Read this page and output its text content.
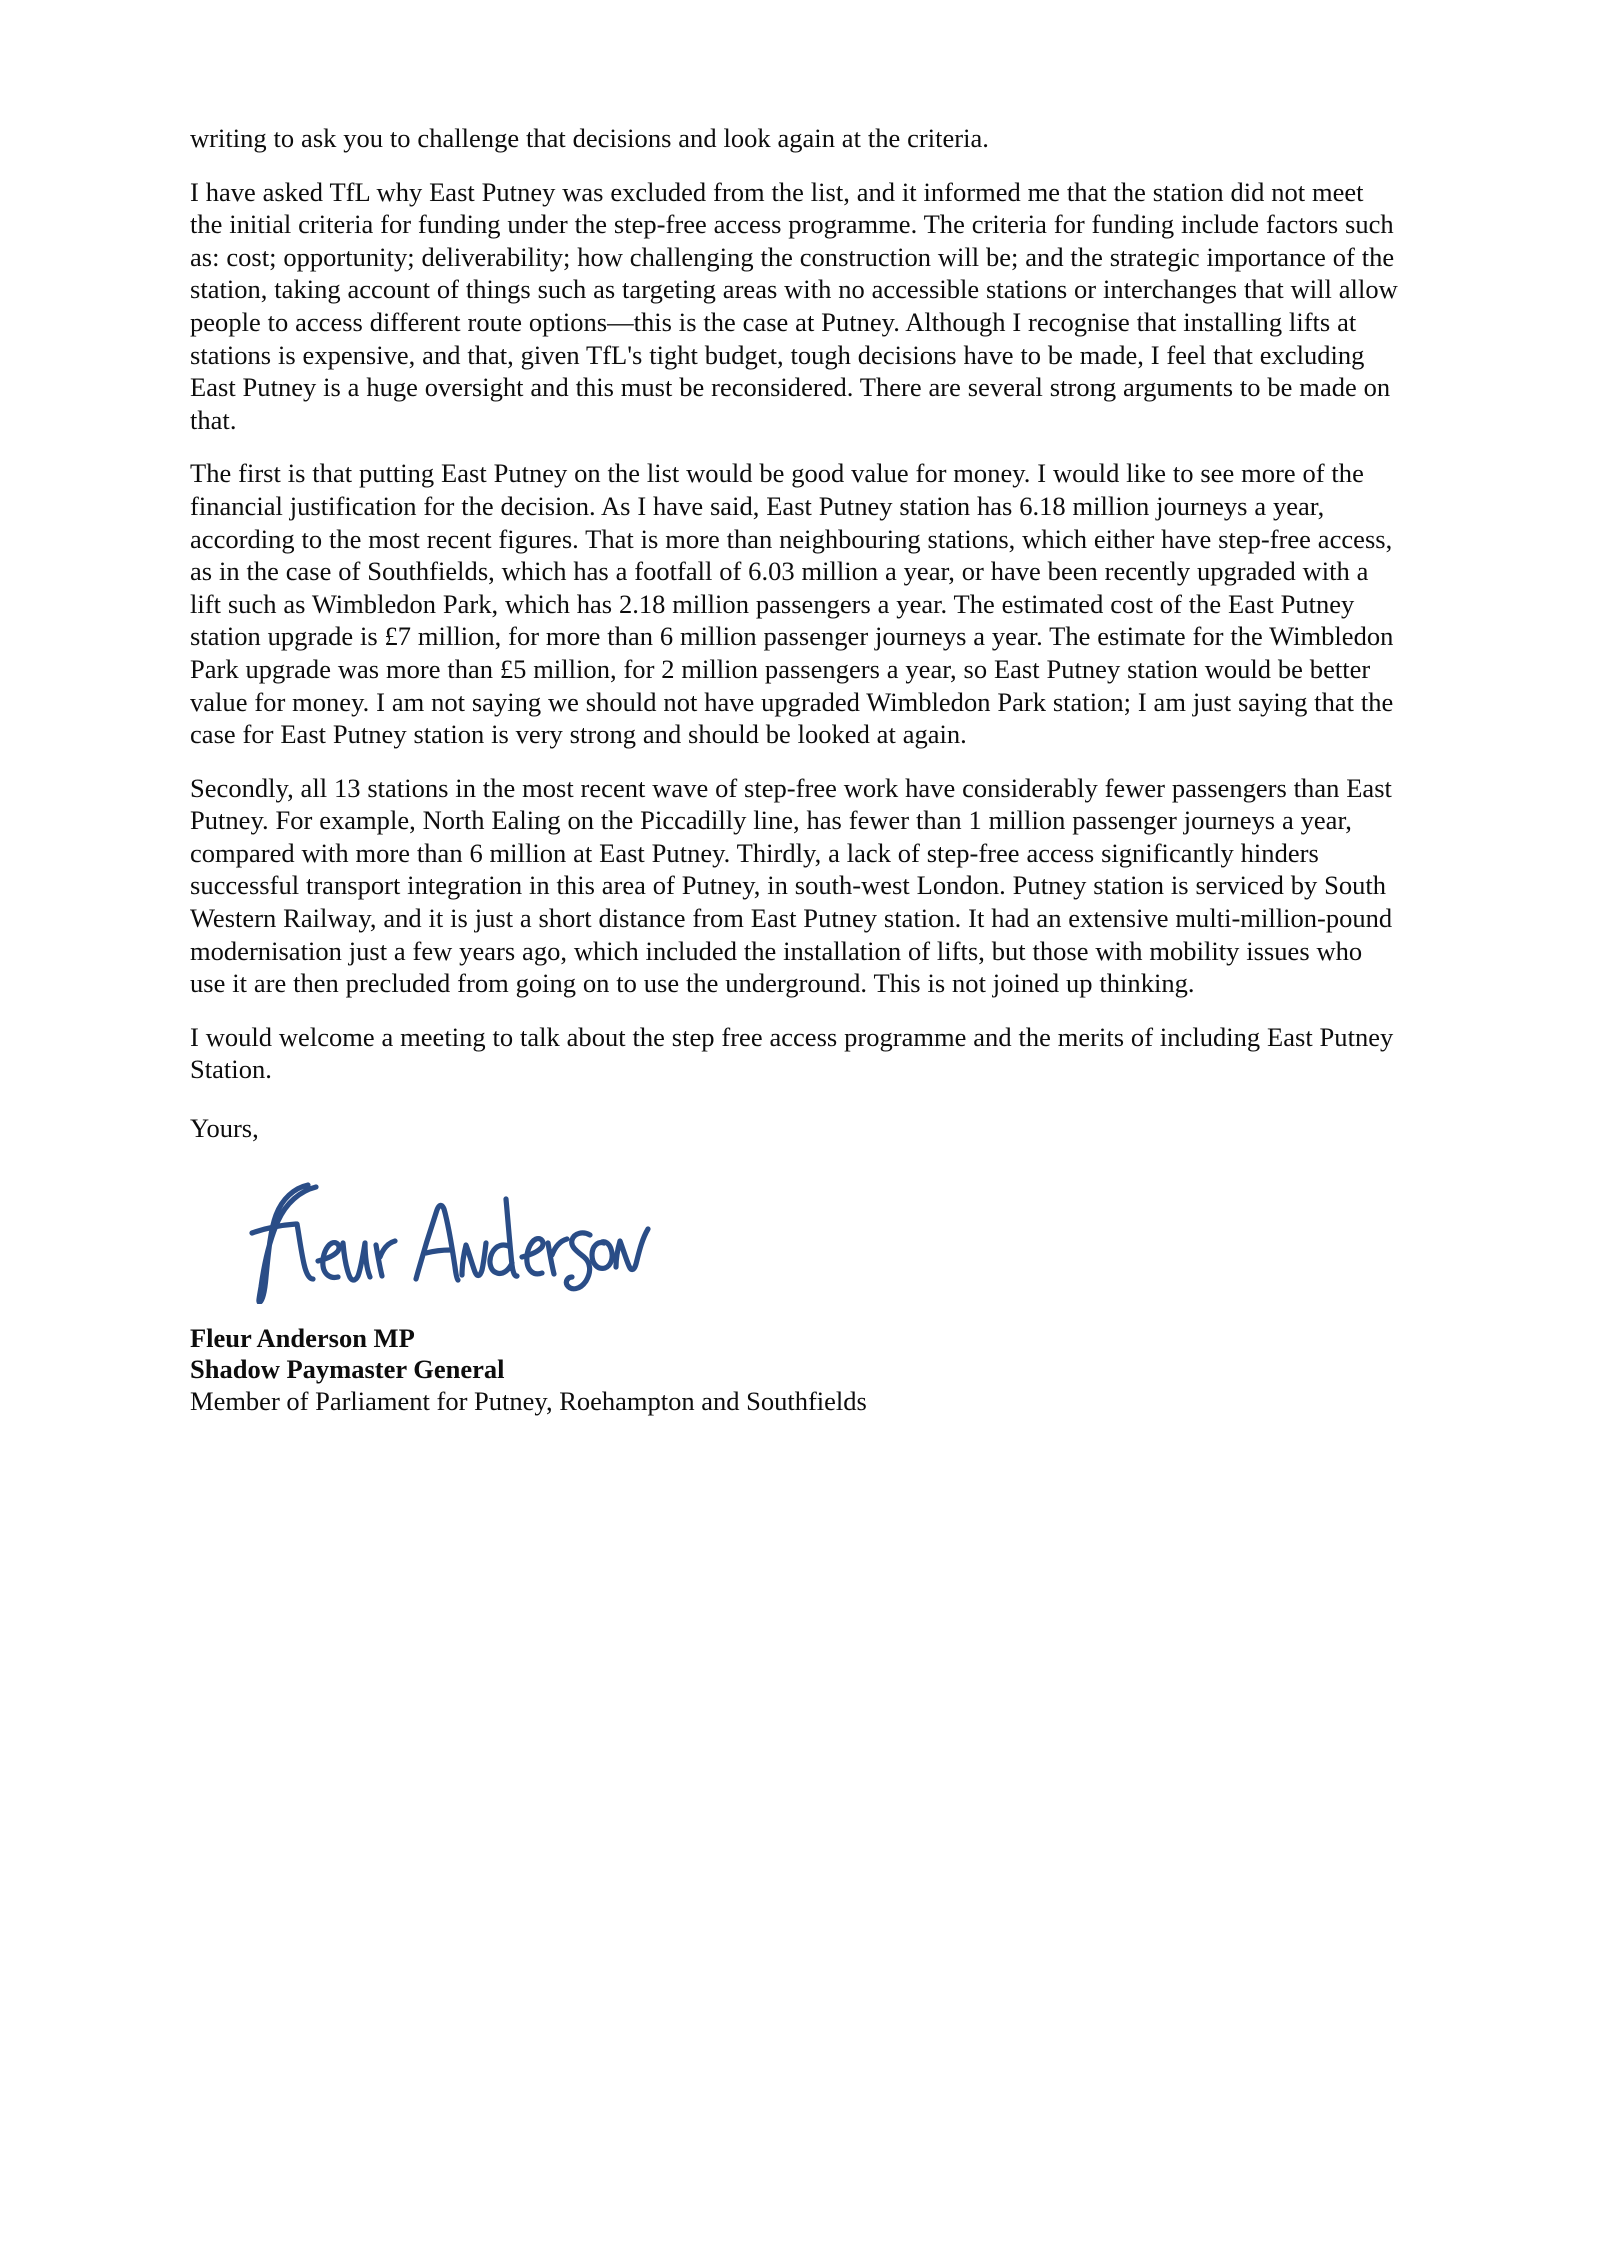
writing to ask you to challenge that decisions and look again at the criteria.

I have asked TfL why East Putney was excluded from the list, and it informed me that the station did not meet the initial criteria for funding under the step-free access programme. The criteria for funding include factors such as: cost; opportunity; deliverability; how challenging the construction will be; and the strategic importance of the station, taking account of things such as targeting areas with no accessible stations or interchanges that will allow people to access different route options—this is the case at Putney. Although I recognise that installing lifts at stations is expensive, and that, given TfL's tight budget, tough decisions have to be made, I feel that excluding East Putney is a huge oversight and this must be reconsidered. There are several strong arguments to be made on that.

The first is that putting East Putney on the list would be good value for money. I would like to see more of the financial justification for the decision. As I have said, East Putney station has 6.18 million journeys a year, according to the most recent figures. That is more than neighbouring stations, which either have step-free access, as in the case of Southfields, which has a footfall of 6.03 million a year, or have been recently upgraded with a lift such as Wimbledon Park, which has 2.18 million passengers a year. The estimated cost of the East Putney station upgrade is £7 million, for more than 6 million passenger journeys a year. The estimate for the Wimbledon Park upgrade was more than £5 million, for 2 million passengers a year, so East Putney station would be better value for money. I am not saying we should not have upgraded Wimbledon Park station; I am just saying that the case for East Putney station is very strong and should be looked at again.

Secondly, all 13 stations in the most recent wave of step-free work have considerably fewer passengers than East Putney. For example, North Ealing on the Piccadilly line, has fewer than 1 million passenger journeys a year, compared with more than 6 million at East Putney. Thirdly, a lack of step-free access significantly hinders successful transport integration in this area of Putney, in south-west London. Putney station is serviced by South Western Railway, and it is just a short distance from East Putney station. It had an extensive multi-million-pound modernisation just a few years ago, which included the installation of lifts, but those with mobility issues who use it are then precluded from going on to use the underground. This is not joined up thinking.

I would welcome a meeting to talk about the step free access programme and the merits of including East Putney Station.

Yours,
Fleur Anderson MP
Shadow Paymaster General
Member of Parliament for Putney, Roehampton and Southfields
